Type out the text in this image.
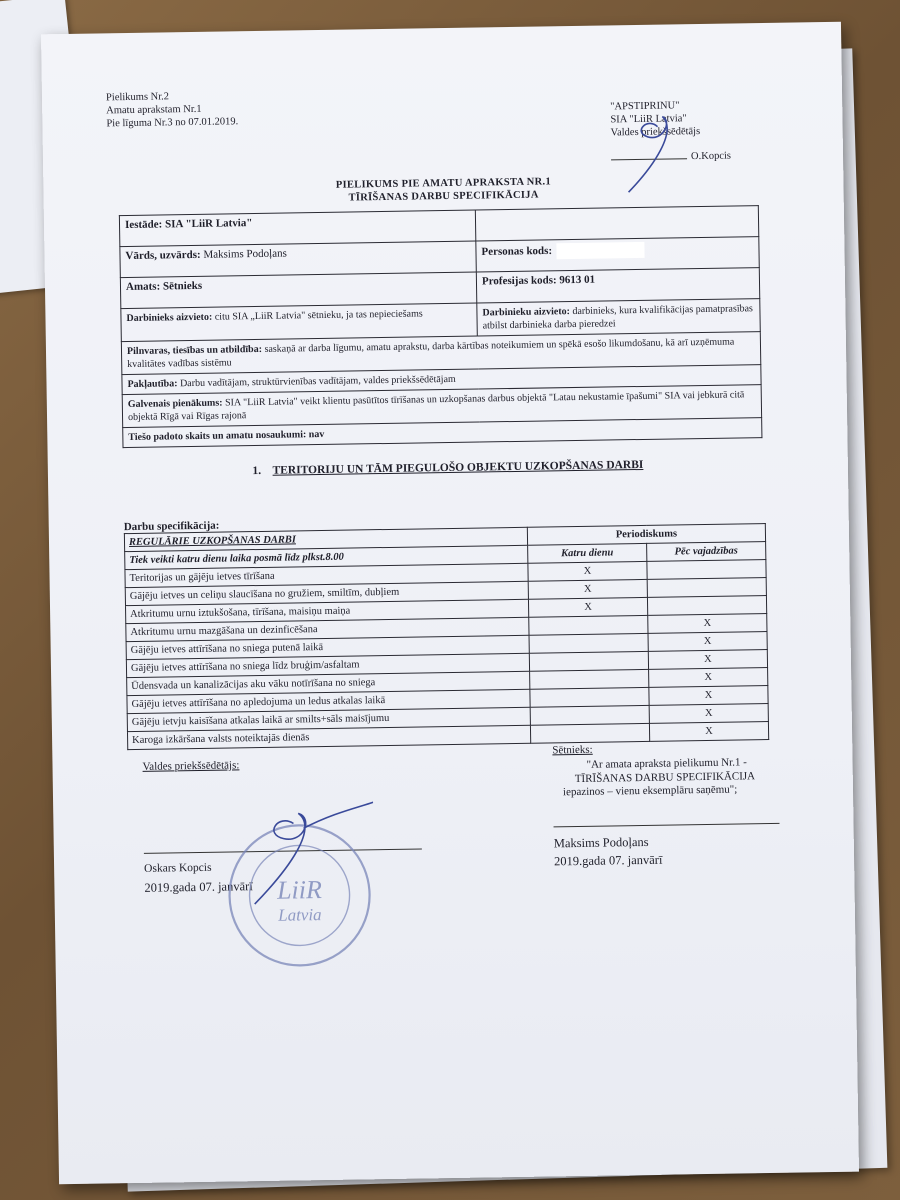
Pielikums Nr.2
Amatu aprakstam Nr.1
Pie līguma Nr.3 no 07.01.2019.
"APSTIPRINU"
SIA "LiiR Latvia"
Valdes priekšsēdētājs
O.Kopcis
PIELIKUMS PIE AMATU APRAKSTA NR.1
TĪRĪŠANAS DARBU SPECIFIKĀCIJA
Iestāde: SIA "LiiR Latvia"	
Vārds, uzvārds: Maksims Podoļans	Personas kods:
Amats: Sētnieks	Profesijas kods: 9613 01
Darbinieks aizvieto: citu SIA „LiiR Latvia" sētnieku, ja tas nepieciešams	Darbinieku aizvieto: darbinieks, kura kvalifikācijas pamatprasības atbilst darbinieka darba pieredzei
Pilnvaras, tiesības un atbildība: saskaņā ar darba līgumu, amatu aprakstu, darba kārtības noteikumiem un spēkā esošo likumdošanu, kā arī uzņēmuma kvalitātes vadības sistēmu	
Pakļautība: Darbu vadītājam, struktūrvienības vadītājam, valdes priekšsēdētājam	
Galvenais pienākums: SIA "LiiR Latvia" veikt klientu pasūtītos tīrīšanas un uzkopšanas darbus objektā "Latau nekustamie īpašumi" SIA vai jebkurā citā objektā Rīgā vai Rīgas rajonā	
Tiešo padoto skaits un amatu nosaukumi: nav	
1. TERITORIJU UN TĀM PIEGULOŠO OBJEKTU UZKOPŠANAS DARBI
Darbu specifikācija:
REGULĀRIE UZKOPŠANAS DARBI	Periodiskums	
Tiek veikti katru dienu laika posmā līdz plkst.8.00	Katru dienu	Pēc vajadzības
Teritorijas un gājēju ietves tīrīšana	X	
Gājēju ietves un celiņu slaucīšana no gružiem, smiltīm, dubļiem	X	
Atkritumu urnu iztukšošana, tīrīšana, maisiņu maiņa	X	
Atkritumu urnu mazgāšana un dezinficēšana		X
Gājēju ietves attīrīšana no sniega putenā laikā		X
Gājēju ietves attīrīšana no sniega līdz bruģim/asfaltam		X
Ūdensvada un kanalizācijas aku vāku notīrīšana no sniega		X
Gājēju ietves attīrīšana no apledojuma un ledus atkalas laikā		X
Gājēju ietvju kaisīšana atkalas laikā ar smilts+sāls maisījumu		X
Karoga izkāršana valsts noteiktajās dienās		X
Valdes priekšsēdētājs:
Sētnieks:
"Ar amata apraksta pielikumu Nr.1 -
TĪRĪŠANAS DARBU SPECIFIKĀCIJA
iepazinos – vienu eksemplāru saņēmu";
Oskars Kopcis
2019.gada 07. janvārī
Maksims Podoļans
2019.gada 07. janvārī
LiiR
Latvia
